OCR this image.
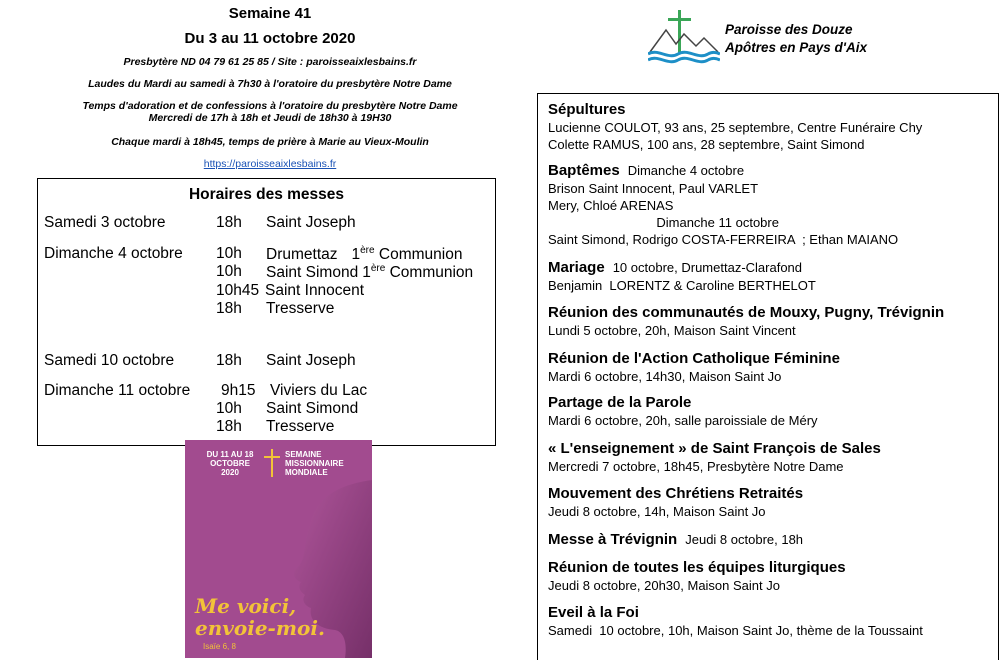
Semaine 41
Du 3 au 11 octobre 2020
Presbytère ND 04 79 61 25 85 / Site : paroisseaixlesbains.fr
Laudes du Mardi au samedi à 7h30 à l'oratoire du presbytère Notre Dame
Temps d'adoration et de confessions à l'oratoire du presbytère Notre Dame
Mercredi de 17h à 18h et Jeudi de 18h30 à 19H30
Chaque mardi à 18h45, temps de prière à Marie au Vieux-Moulin
https://paroisseaixlesbains.fr
Horaires des messes
Samedi 3 octobre	18h Saint Joseph
Dimanche 4 octobre 10h Drumettaz 1ère Communion
10h Saint Simond 1ère Communion
10h45 Saint Innocent
18h Tresserve
Samedi 10 octobre	18h Saint Joseph
Dimanche 11 octobre 9h15 Viviers du Lac
10h Saint Simond
18h Tresserve
DU 11 AU 18
OCTOBRE
2020
SEMAINE
MISSIONNAIRE
MONDIALE
Me voici,
envoie-moi.
Isaïe 6, 8
Paroisse des Douze
Apôtres en Pays d'Aix
Sépultures
Lucienne COULOT, 93 ans, 25 septembre, Centre Funéraire Chy
Colette RAMUS, 100 ans, 28 septembre, Saint Simond
Baptêmes Dimanche 4 octobre
Brison Saint Innocent, Paul VARLET
Mery, Chloé ARENAS
Dimanche 11 octobre
Saint Simond, Rodrigo COSTA-FERREIRA  ; Ethan MAIANO
Mariage 10 octobre, Drumettaz-Clarafond
Benjamin  LORENTZ & Caroline BERTHELOT
Réunion des communautés de Mouxy, Pugny, Trévignin
Lundi 5 octobre, 20h, Maison Saint Vincent
Réunion de l'Action Catholique Féminine
Mardi 6 octobre, 14h30, Maison Saint Jo
Partage de la Parole
Mardi 6 octobre, 20h, salle paroissiale de Méry
« L'enseignement » de Saint François de Sales
Mercredi 7 octobre, 18h45, Presbytère Notre Dame
Mouvement des Chrétiens Retraités
Jeudi 8 octobre, 14h, Maison Saint Jo
Messe à Trévignin Jeudi 8 octobre, 18h
Réunion de toutes les équipes liturgiques
Jeudi 8 octobre, 20h30, Maison Saint Jo
Eveil à la Foi
Samedi  10 octobre, 10h, Maison Saint Jo, thème de la Toussaint
